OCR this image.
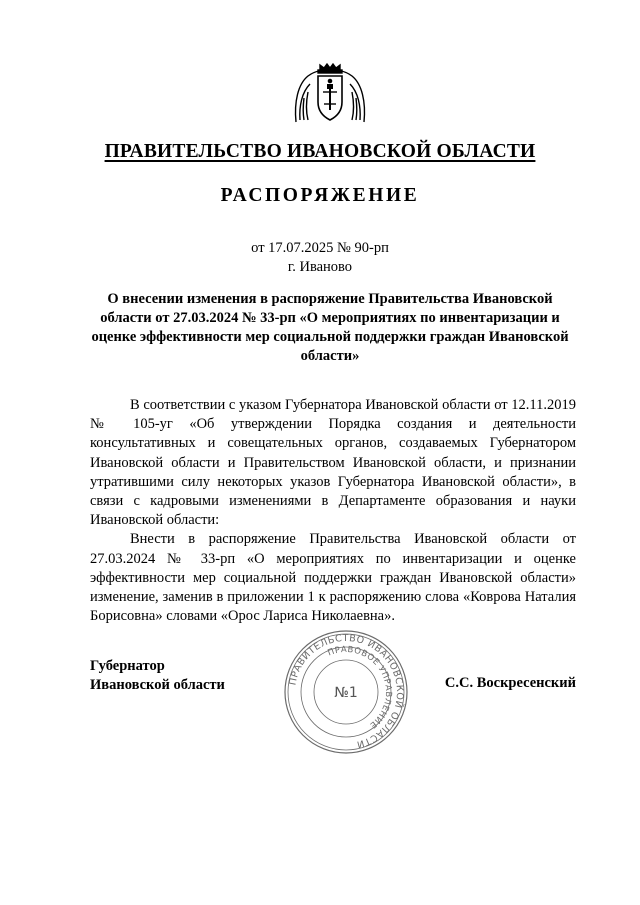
ПРАВИТЕЛЬСТВО ИВАНОВСКОЙ ОБЛАСТИ
РАСПОРЯЖЕНИЕ
от 17.07.2025 № 90-рп
г. Иваново
О внесении изменения в распоряжение Правительства Ивановской области от 27.03.2024 № 33-рп «О мероприятиях по инвентаризации и оценке эффективности мер социальной поддержки граждан Ивановской области»

В соответствии с указом Губернатора Ивановской области от 12.11.2019 № 105-уг «Об утверждении Порядка создания и деятельности консультативных и совещательных органов, создаваемых Губернатором Ивановской области и Правительством Ивановской области, и признании утратившими силу некоторых указов Губернатора Ивановской области», в связи с кадровыми изменениями в Департаменте образования и науки Ивановской области:

Внести в распоряжение Правительства Ивановской области от 27.03.2024 № 33-рп «О мероприятиях по инвентаризации и оценке эффективности мер социальной поддержки граждан Ивановской области» изменение, заменив в приложении 1 к распоряжению слова «Коврова Наталия Борисовна» словами «Орос Лариса Николаевна».

Губернатор
Ивановской области	ПРАВИТЕЛЬСТВО ИВАНОВСКОЙ ОБЛАСТИ
ПРАВОВОЕ УПРАВЛЕНИЕ
№1
С.С. Воскресенский
